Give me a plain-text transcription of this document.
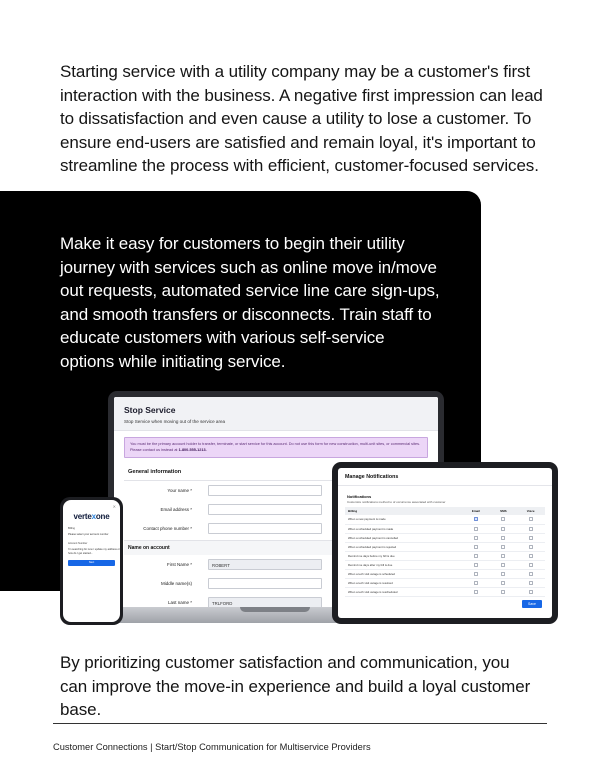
Starting service with a utility company may be a customer's first interaction with the business. A negative first impression can lead to dissatisfaction and even cause a utility to lose a customer. To ensure end-users are satisfied and remain loyal, it's important to streamline the process with efficient, customer-focused services.

Make it easy for customers to begin their utility journey with services such as online move in/move out requests, automated service line care sign-ups, and smooth transfers or disconnects. Train staff to educate customers with various self-service options while initiating service.

Stop Service
Stop Service when moving out of the service area
You must be the primary account holder to transfer, terminate, or start service for this account. Do not use this form for new construction, multi-unit sites, or commercial sites. Please contact us instead at 1-800-555-1213.
General information
Your name *
Email address *
Contact phone number *
Name on account
First Name *	ROBERT
Middle name(s)
Last name *	TRLFORD
Manage Notifications
Notifications
Customize notifications method to of occurrence associated with customer
Billing	Email	SMS	Voice
When a new payment is made			
When a scheduled payment is made			
When a scheduled payment is cancelled			
When a scheduled payment is rejected			
Remind me days before my bill is due			
Remind me days after my bill is due			
When a tech visit outage is scheduled			
When a tech visit outage is resolved			
When a tech visit outage is rescheduled			
Save
✕
vertexone
Billing
Please select your account number
Account Number
I'm searching for new / update my address or how do I get started...
Next

By prioritizing customer satisfaction and communication, you can improve the move-in experience and build a loyal customer base.

Customer Connections | Start/Stop Communication for Multiservice Providers
